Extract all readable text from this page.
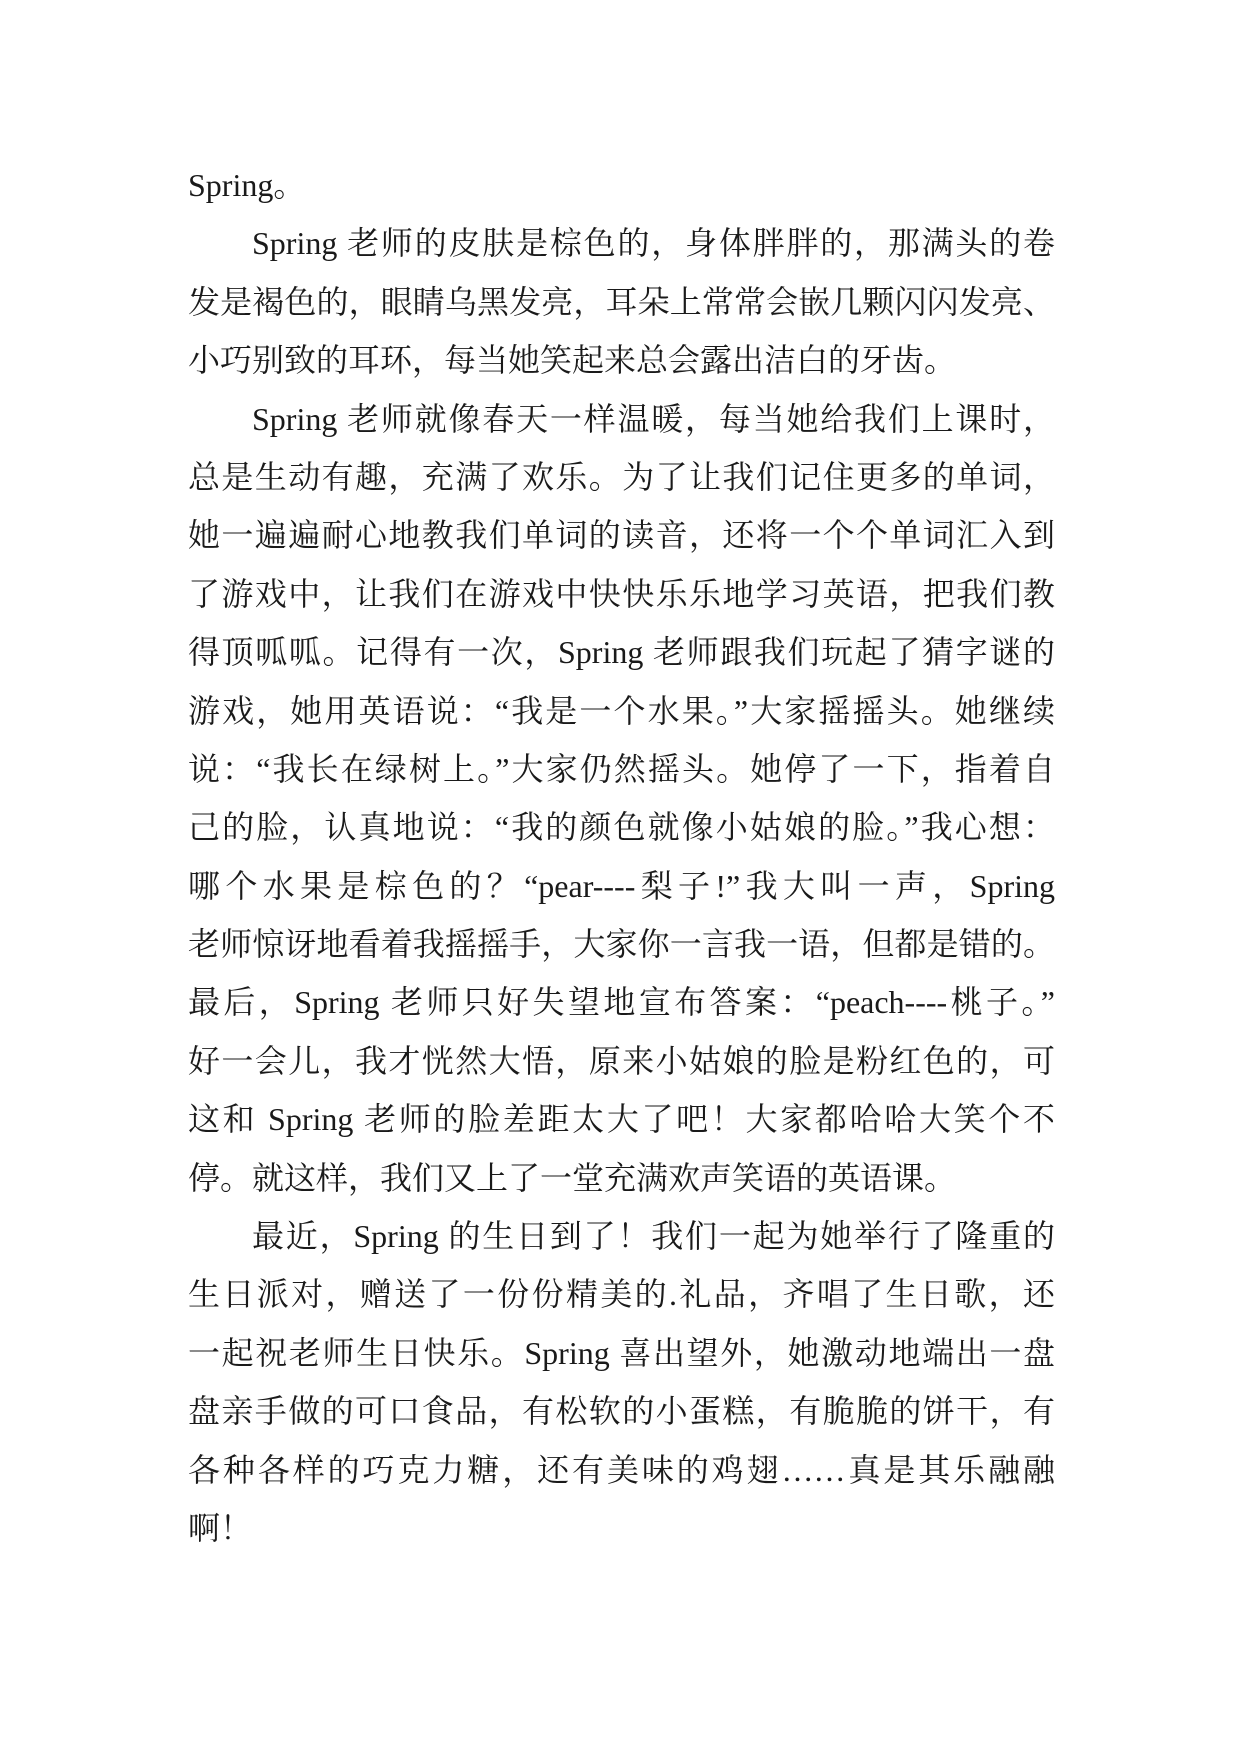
Spring。
Spring 老师的皮肤是棕色的，身体胖胖的，那满头的卷
发是褐色的，眼睛乌黑发亮，耳朵上常常会嵌几颗闪闪发亮、
小巧别致的耳环，每当她笑起来总会露出洁白的牙齿。
Spring 老师就像春天一样温暖，每当她给我们上课时，
总是生动有趣，充满了欢乐。为了让我们记住更多的单词，
她一遍遍耐心地教我们单词的读音，还将一个个单词汇入到
了游戏中，让我们在游戏中快快乐乐地学习英语，把我们教
得顶呱呱。记得有一次，Spring 老师跟我们玩起了猜字谜的
游戏，她用英语说：“我是一个水果。”大家摇摇头。她继续
说：“我长在绿树上。”大家仍然摇头。她停了一下，指着自
己的脸，认真地说：“我的颜色就像小姑娘的脸。”我心想：
哪个水果是棕色的？“pear----梨子!”我大叫一声，Spring
老师惊讶地看着我摇摇手，大家你一言我一语，但都是错的。
最后，Spring 老师只好失望地宣布答案：“peach----桃子。”
好一会儿，我才恍然大悟，原来小姑娘的脸是粉红色的，可
这和 Spring 老师的脸差距太大了吧！大家都哈哈大笑个不
停。就这样，我们又上了一堂充满欢声笑语的英语课。
最近，Spring 的生日到了！我们一起为她举行了隆重的
生日派对，赠送了一份份精美的.礼品，齐唱了生日歌，还
一起祝老师生日快乐。Spring 喜出望外，她激动地端出一盘
盘亲手做的可口食品，有松软的小蛋糕，有脆脆的饼干，有
各种各样的巧克力糖，还有美味的鸡翅……真是其乐融融
啊！
